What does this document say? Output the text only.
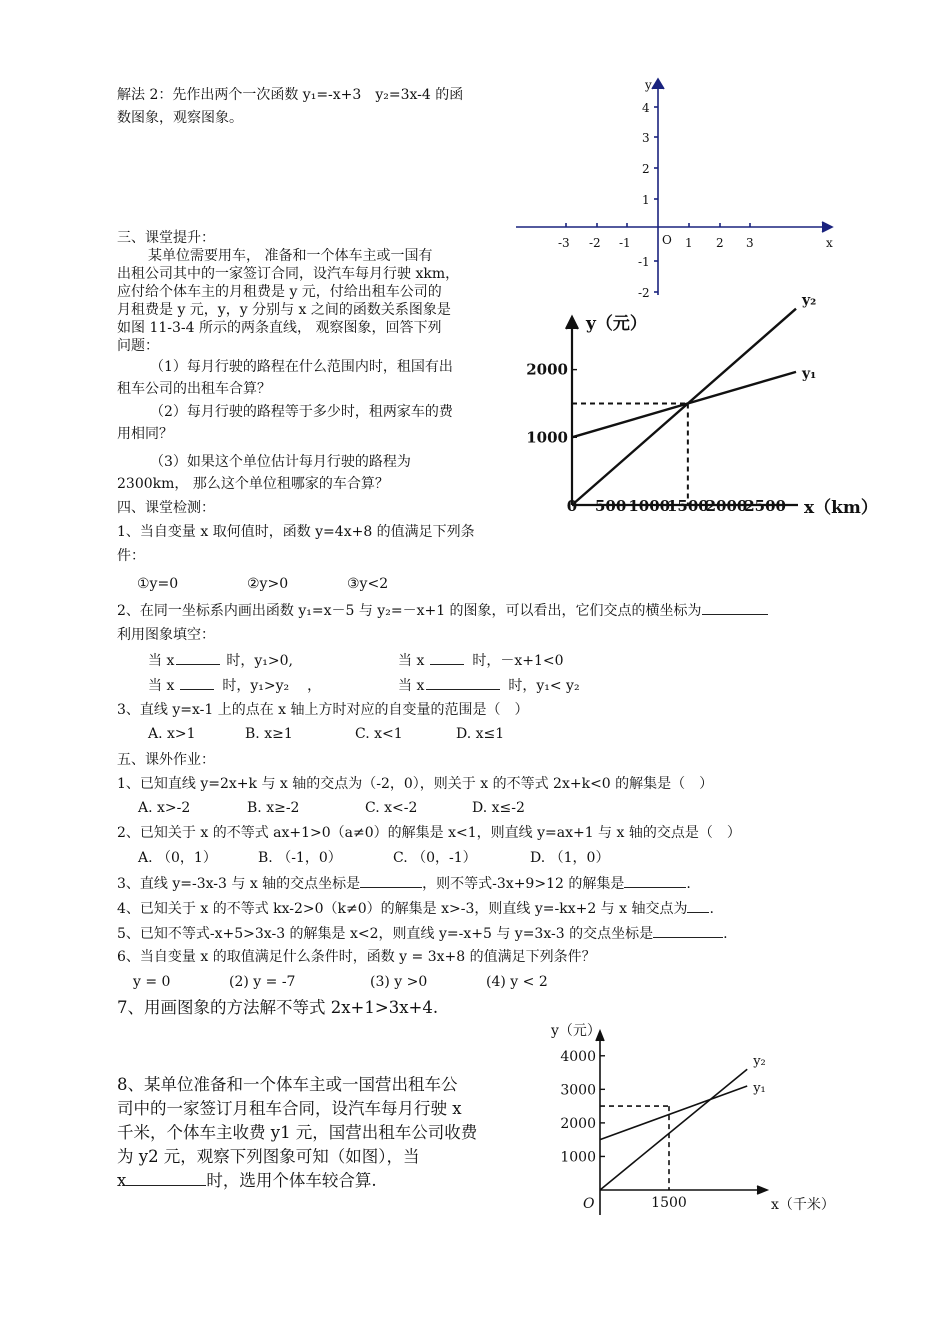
解法 2：先作出两个一次函数 y₁=-x+3　y₂=3x-4 的函
数图象，观察图象。
y
x
O
4
3
2
1
-1
-2
-3 -2 -1	1 2 3
三、课堂提升：
某单位需要用车， 准备和一个体车主或一国有
出租公司其中的一家签订合同，设汽车每月行驶 xkm，
应付给个体车主的月租费是 y 元，付给出租车公司的
月租费是 y 元，y，y 分别与 x 之间的函数关系图象是
如图 11-3-4 所示的两条直线， 观察图象，回答下列
问题：
（1）每月行驶的路程在什么范围内时，租国有出
租车公司的出租车合算？
（2）每月行驶的路程等于多少时，租两家车的费
用相同？
（3）如果这个单位估计每月行驶的路程为
2300km， 那么这个单位租哪家的车合算？
y（元）
x（km）
y₂
y₁
1000
2000
0 500 1000
1500
2000
2500
四、课堂检测：
1、当自变量 x 取何值时，函数 y=4x+8 的值满足下列条
件：
①y=0	②y>0	③y<2
2、在同一坐标系内画出函数 y₁=x－5 与 y₂=－x+1 的图象，可以看出，它们交点的横坐标为
利用图象填空：
当 x	时，y₁>0,	当 x	时，－x+1<0
当 x	时，y₁>y₂ ，	当 x	时，y₁< y₂
3、直线 y=x-1 上的点在 x 轴上方时对应的自变量的范围是（　）
A. x>1	B. x≥1	C. x<1	D. x≤1
五、课外作业：
1、已知直线 y=2x+k 与 x 轴的交点为（-2，0），则关于 x 的不等式 2x+k<0 的解集是（　）
A. x>-2	B. x≥-2	C. x<-2	D. x≤-2
2、已知关于 x 的不等式 ax+1>0（a≠0）的解集是 x<1，则直线 y=ax+1 与 x 轴的交点是（　）
A. （0，1）	B. （-1，0）	C. （0，-1）	D. （1，0）
3、直线 y=-3x-3 与 x 轴的交点坐标是	，则不等式-3x+9>12 的解集是	.
4、已知关于 x 的不等式 kx-2>0（k≠0）的解集是 x>-3，则直线 y=-kx+2 与 x 轴交点为 .
5、已知不等式-x+5>3x-3 的解集是 x<2，则直线 y=-x+5 与 y=3x-3 的交点坐标是	.
6、当自变量 x 的取值满足什么条件时，函数 y = 3x+8 的值满足下列条件？
y = 0	(2) y = -7	(3) y >0	(4) y < 2
7、用画图象的方法解不等式 2x+1>3x+4.
8、某单位准备和一个体车主或一国营出租车公
司中的一家签订月租车合同，设汽车每月行驶 x
千米，个体车主收费 y1 元，国营出租车公司收费
为 y2 元，观察下列图象可知（如图），当
x	时，选用个体车较合算.
y（元）
x（千米）
O
y₂
y₁
1000
2000
3000
4000
1500
